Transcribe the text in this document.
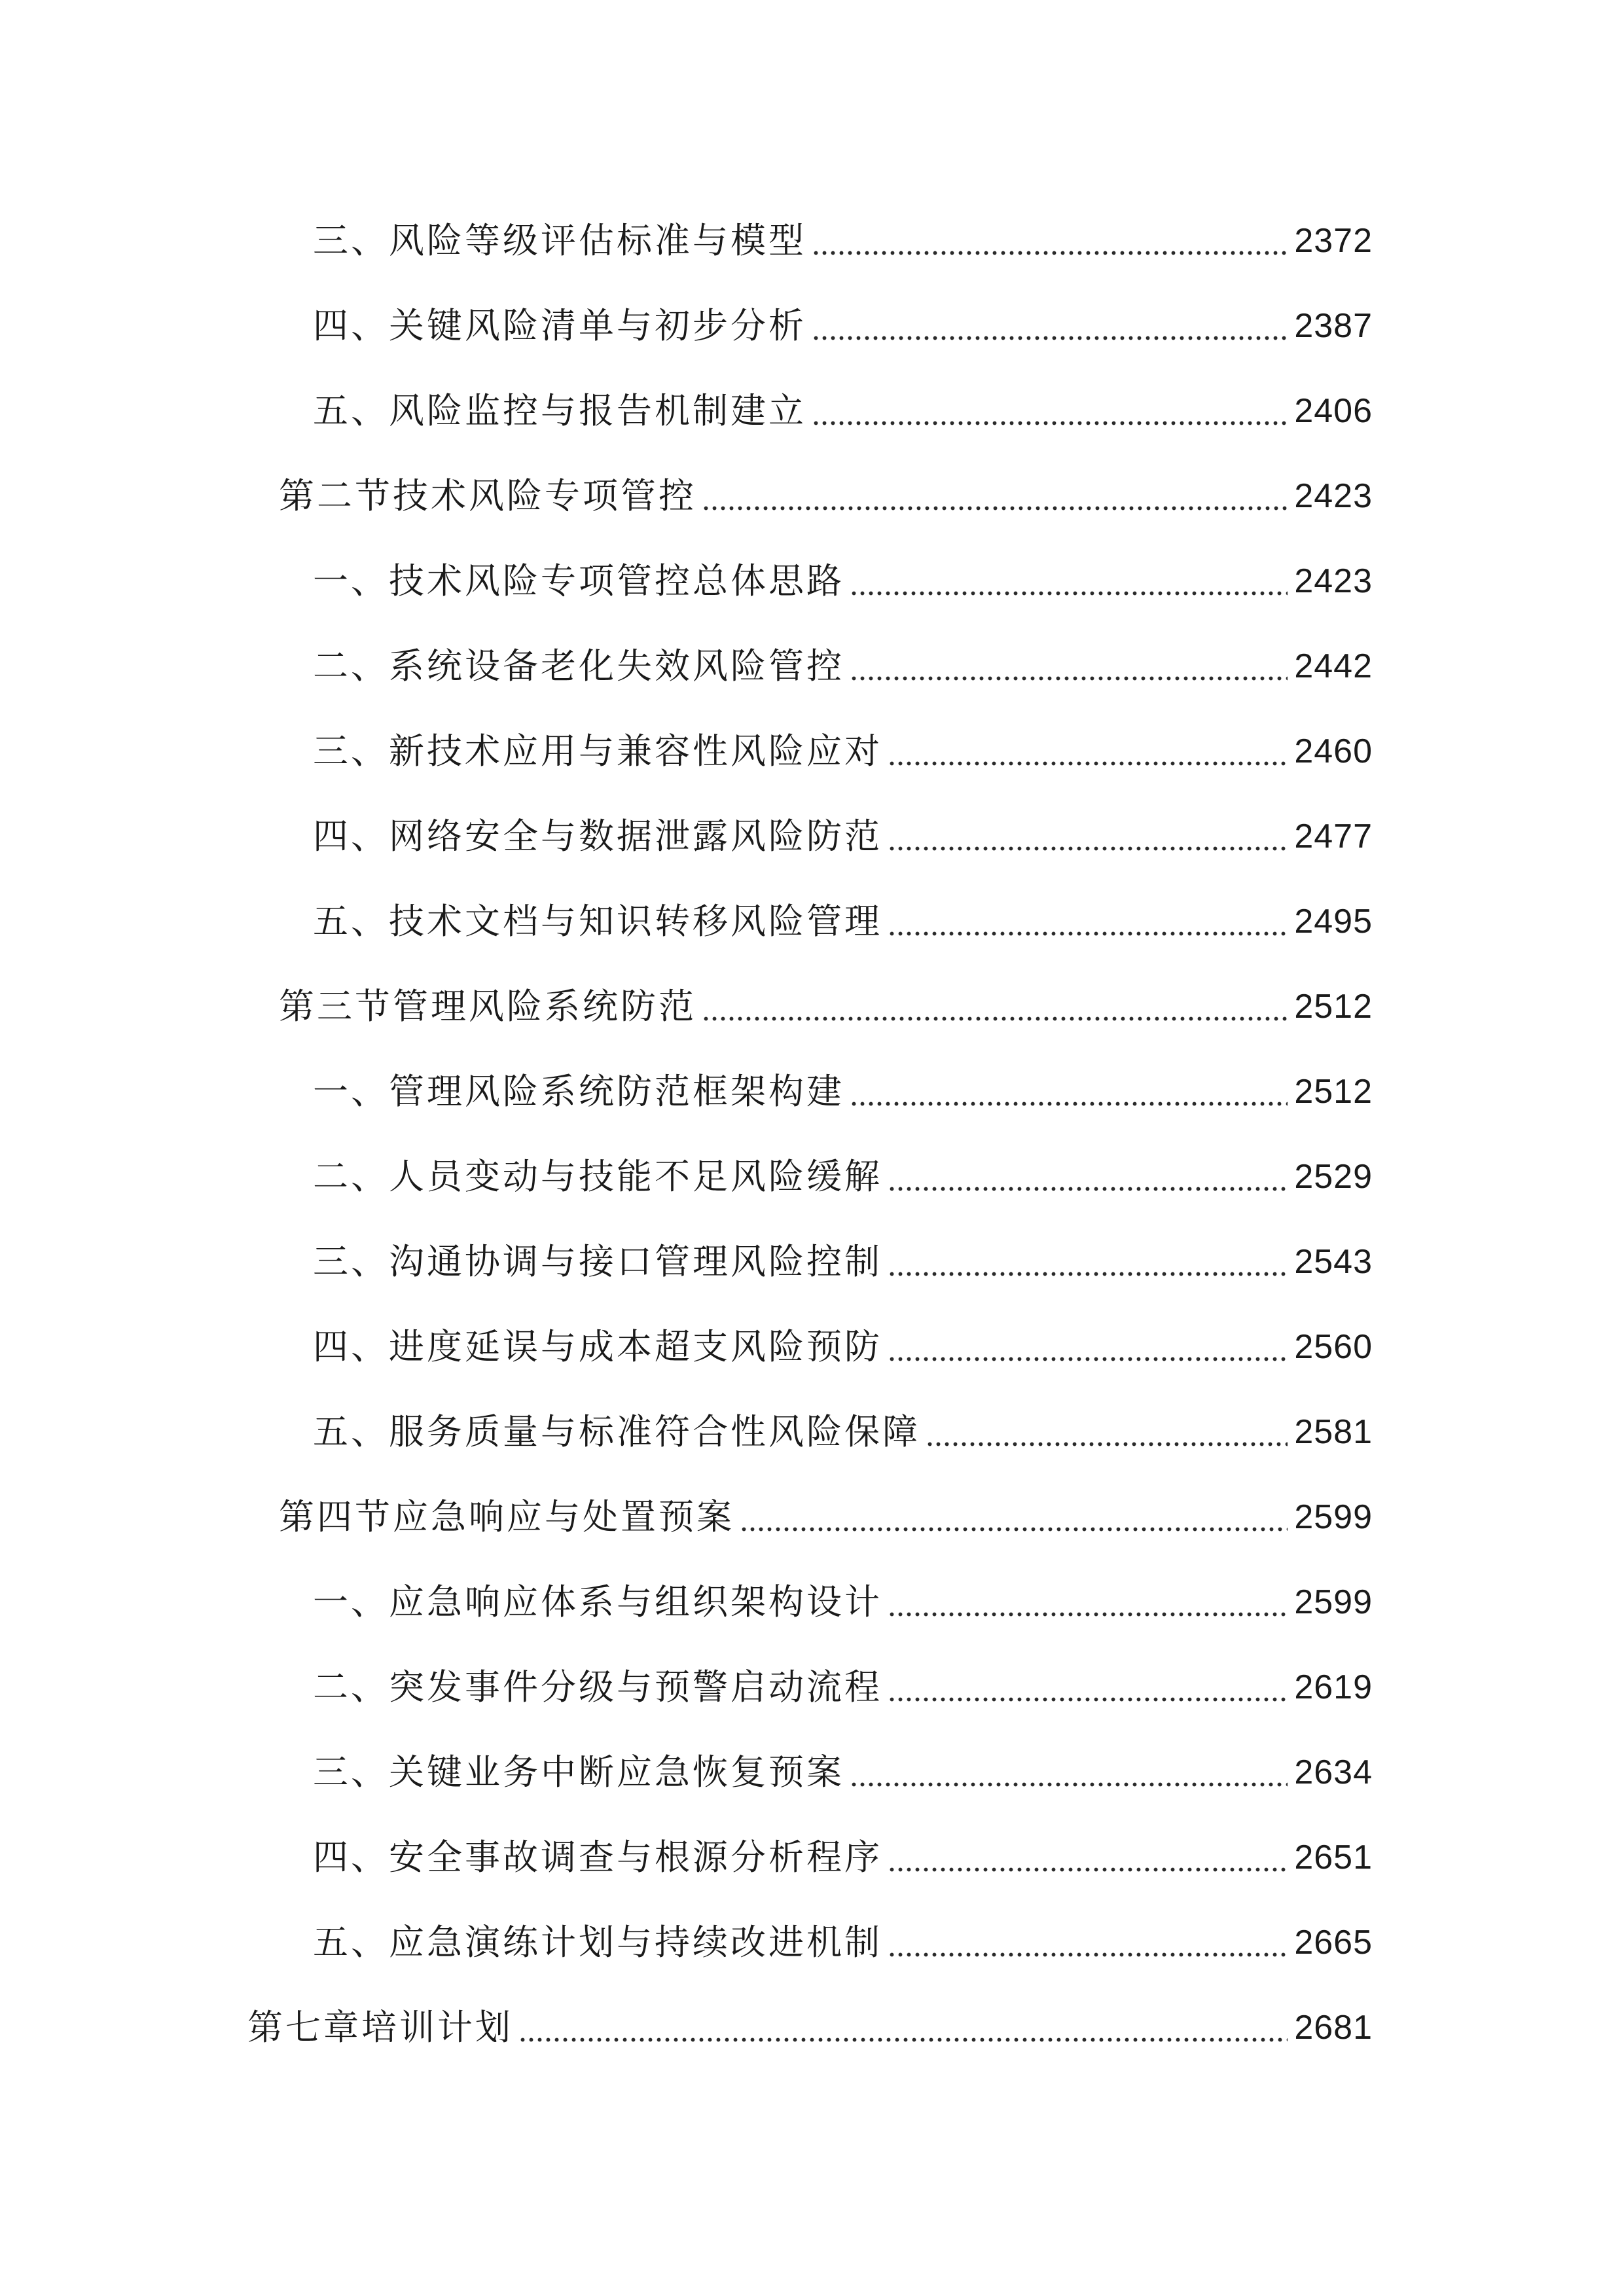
三、风险等级评估标准与模型	2372
四、关键风险清单与初步分析	2387
五、风险监控与报告机制建立	2406
第二节技术风险专项管控	2423
一、技术风险专项管控总体思路	2423
二、系统设备老化失效风险管控	2442
三、新技术应用与兼容性风险应对	2460
四、网络安全与数据泄露风险防范	2477
五、技术文档与知识转移风险管理	2495
第三节管理风险系统防范	2512
一、管理风险系统防范框架构建	2512
二、人员变动与技能不足风险缓解	2529
三、沟通协调与接口管理风险控制	2543
四、进度延误与成本超支风险预防	2560
五、服务质量与标准符合性风险保障	2581
第四节应急响应与处置预案	2599
一、应急响应体系与组织架构设计	2599
二、突发事件分级与预警启动流程	2619
三、关键业务中断应急恢复预案	2634
四、安全事故调查与根源分析程序	2651
五、应急演练计划与持续改进机制	2665
第七章培训计划	2681
